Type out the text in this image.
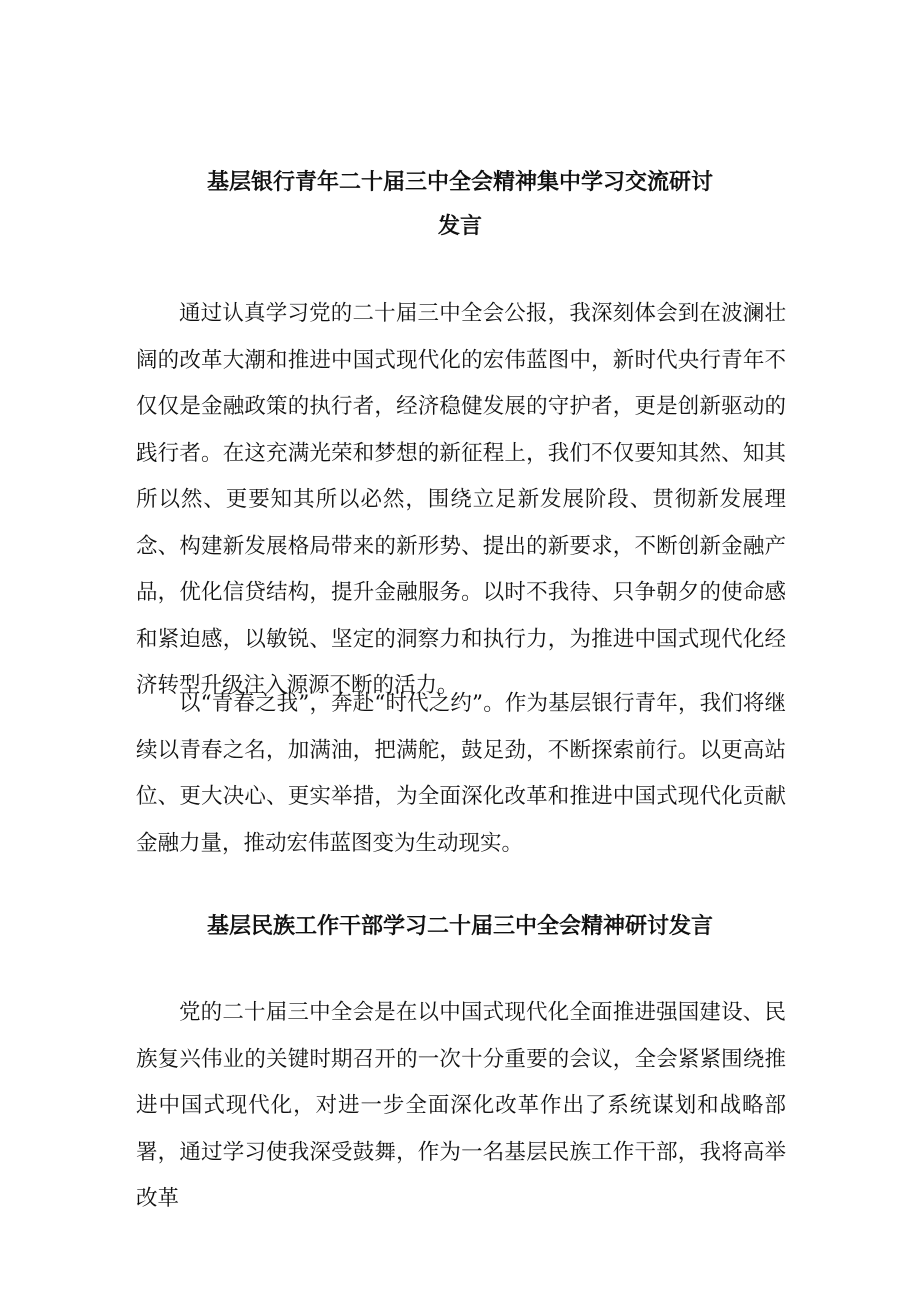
基层银行青年二十届三中全会精神集中学习交流研讨
发言

通过认真学习党的二十届三中全会公报，我深刻体会到在波澜壮阔的改革大潮和推进中国式现代化的宏伟蓝图中，新时代央行青年不仅仅是金融政策的执行者，经济稳健发展的守护者，更是创新驱动的践行者。在这充满光荣和梦想的新征程上，我们不仅要知其然、知其所以然、更要知其所以必然，围绕立足新发展阶段、贯彻新发展理念、构建新发展格局带来的新形势、提出的新要求，不断创新金融产品，优化信贷结构，提升金融服务。以时不我待、只争朝夕的使命感和紧迫感，以敏锐、坚定的洞察力和执行力，为推进中国式现代化经济转型升级注入源源不断的活力。

以“青春之我”，奔赴“时代之约”。作为基层银行青年，我们将继续以青春之名，加满油，把满舵，鼓足劲，不断探索前行。以更高站位、更大决心、更实举措，为全面深化改革和推进中国式现代化贡献金融力量，推动宏伟蓝图变为生动现实。

基层民族工作干部学习二十届三中全会精神研讨发言

党的二十届三中全会是在以中国式现代化全面推进强国建设、民族复兴伟业的关键时期召开的一次十分重要的会议，全会紧紧围绕推进中国式现代化，对进一步全面深化改革作出了系统谋划和战略部署，通过学习使我深受鼓舞，作为一名基层民族工作干部，我将高举改革
